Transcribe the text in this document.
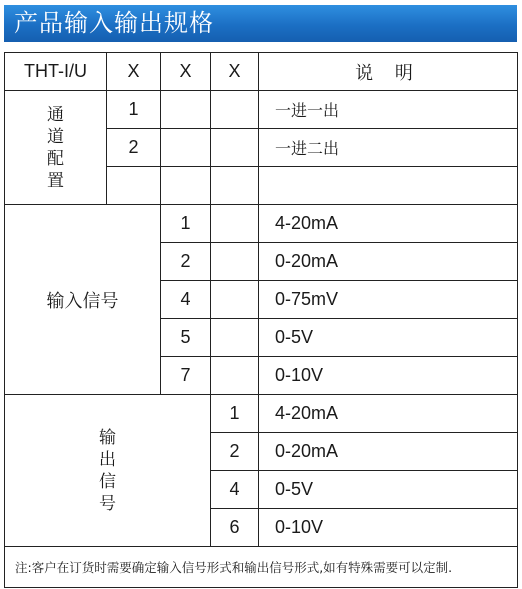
产品输入输出规格
THT-I/U	X	X	X	说 明
通道配置	1			一进一出
	2			一进二出

输入信号		1		4-20mA
		2		0-20mA
		4		0-75mV
		5		0-5V
		7		0-10V
输出信号			1	4-20mA
			2	0-20mA
			4	0-5V
			6	0-10V
注:客户在订货时需要确定输入信号形式和输出信号形式,如有特殊需要可以定制.				
